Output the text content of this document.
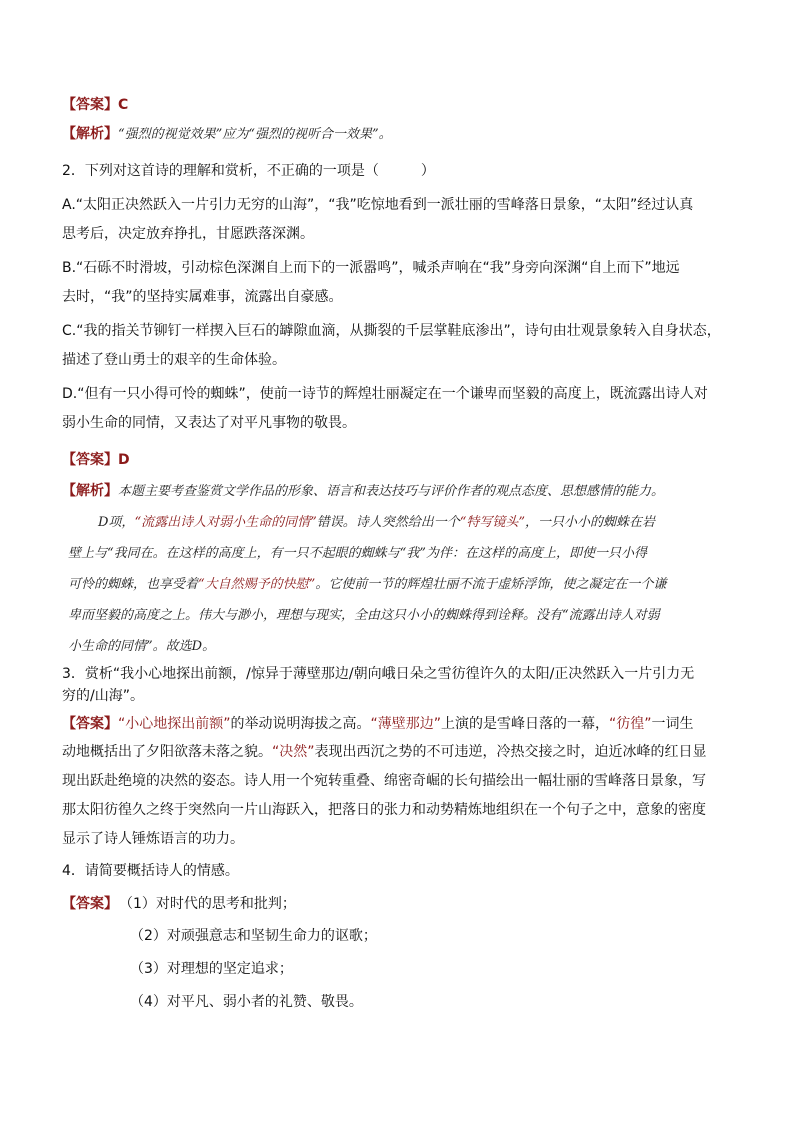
【答案】C
【解析】“强烈的视觉效果”应为“强烈的视听合一效果”。
2．下列对这首诗的理解和赏析，不正确的一项是（　　　）
A.“太阳正决然跃入一片引力无穷的山海”，“我”吃惊地看到一派壮丽的雪峰落日景象，“太阳”经过认真
思考后，决定放弃挣扎，甘愿跌落深渊。
B.“石砾不时滑坡，引动棕色深渊自上而下的一派嚣鸣”，喊杀声响在“我”身旁向深渊“自上而下”地远
去时，“我”的坚持实属难事，流露出自豪感。
C.“我的指关节铆钉一样揳入巨石的罅隙血滴，从撕裂的千层掌鞋底渗出”，诗句由壮观景象转入自身状态，
描述了登山勇士的艰辛的生命体验。
D.“但有一只小得可怜的蜘蛛”，使前一诗节的辉煌壮丽凝定在一个谦卑而坚毅的高度上，既流露出诗人对
弱小生命的同情，又表达了对平凡事物的敬畏。
【答案】D
【解析】本题主要考查鉴赏文学作品的形象、语言和表达技巧与评价作者的观点态度、思想感情的能力。
D项，“流露出诗人对弱小生命的同情”错误。诗人突然给出一个“特写镜头”，一只小小的蜘蛛在岩
壁上与“我同在。在这样的高度上，有一只不起眼的蜘蛛与“我”为伴：在这样的高度上，即使一只小得
可怜的蜘蛛，也享受着“大自然赐予的快慰”。它使前一节的辉煌壮丽不流于虚矫浮饰，使之凝定在一个谦
卑而坚毅的高度之上。伟大与渺小，理想与现实，全由这只小小的蜘蛛得到诠释。没有“流露出诗人对弱
小生命的同情”。故选D。
3．赏析“我小心地探出前额，/惊异于薄壁那边/朝向峨日朵之雪彷徨许久的太阳/正决然跃入一片引力无
穷的/山海”。
【答案】“小心地探出前额”的举动说明海拔之高。“薄壁那边”上演的是雪峰日落的一幕，“彷徨”一词生
动地概括出了夕阳欲落未落之貌。“决然”表现出西沉之势的不可违逆，冷热交接之时，迫近冰峰的红日显
现出跃赴绝境的决然的姿态。诗人用一个宛转重叠、绵密奇崛的长句描绘出一幅壮丽的雪峰落日景象，写
那太阳彷徨久之终于突然向一片山海跃入，把落日的张力和动势精炼地组织在一个句子之中，意象的密度
显示了诗人锤炼语言的功力。
4．请简要概括诗人的情感。
【答案】 （1）对时代的思考和批判；
（2）对顽强意志和坚韧生命力的讴歌；
（3）对理想的坚定追求；
（4）对平凡、弱小者的礼赞、敬畏。
